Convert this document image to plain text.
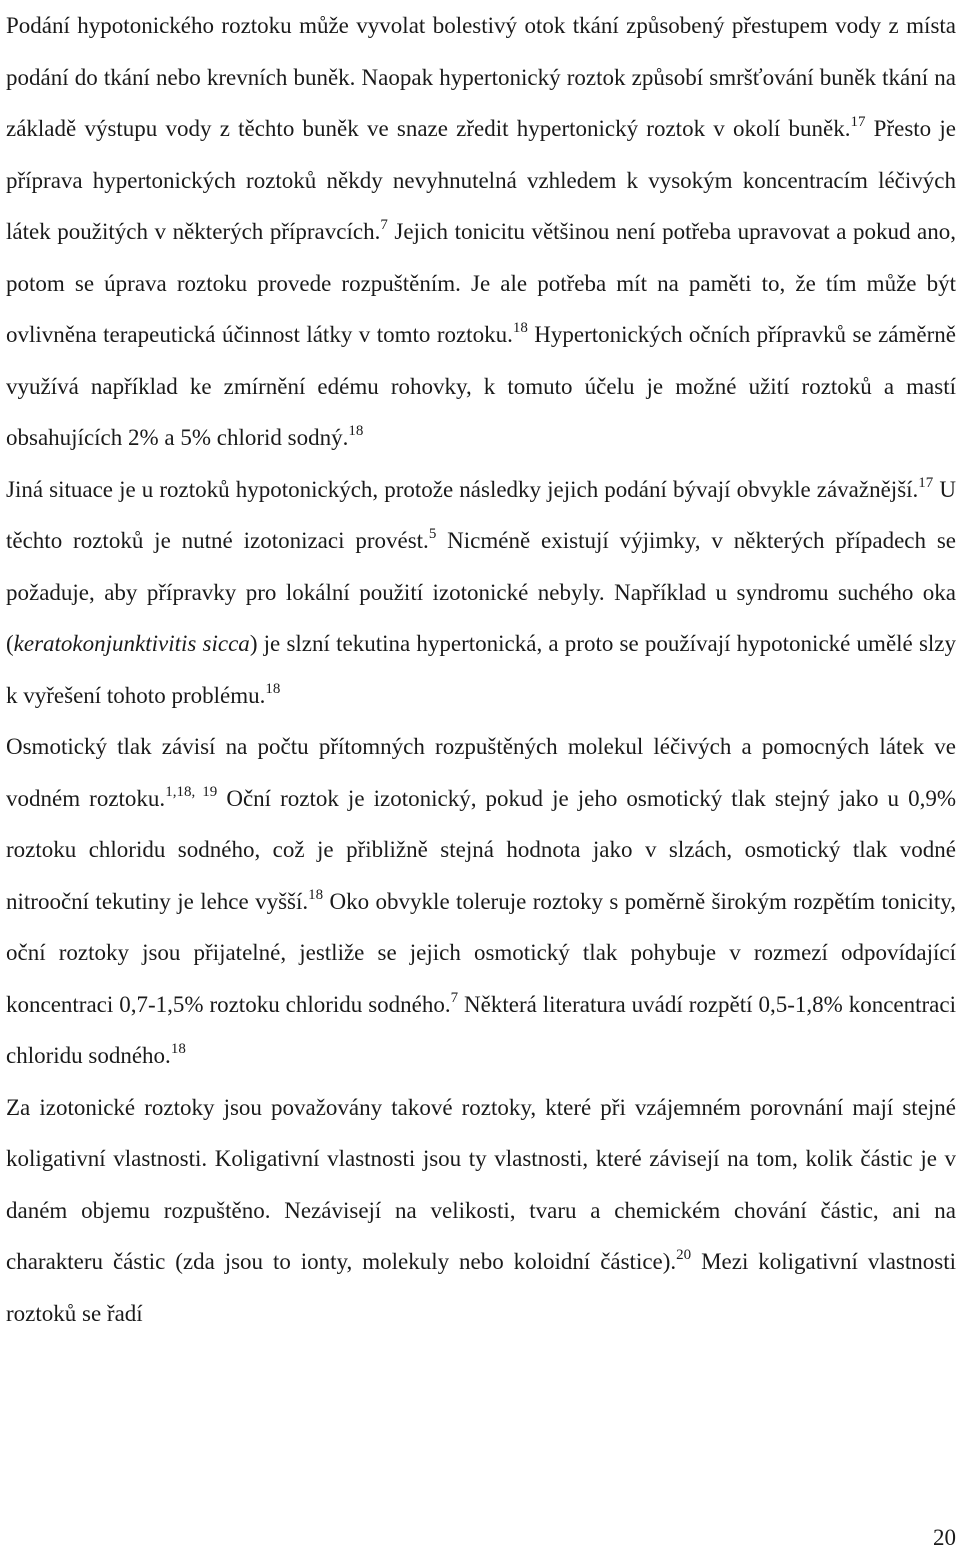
Podání hypotonického roztoku může vyvolat bolestivý otok tkání způsobený přestupem vody z místa podání do tkání nebo krevních buněk. Naopak hypertonický roztok způsobí smršťování buněk tkání na základě výstupu vody z těchto buněk ve snaze zředit hypertonický roztok v okolí buněk.$^{17}$ Přesto je příprava hypertonických roztoků někdy nevyhnutelná vzhledem k vysokým koncentracím léčivých látek použitých v některých přípravcích.$^7$ Jejich tonicitu většinou není potřeba upravovat a pokud ano, potom se úprava roztoku provede rozpuštěním. Je ale potřeba mít na paměti to, že tím může být ovlivněna terapeutická účinnost látky v tomto roztoku.$^{18}$ Hypertonických očních přípravků se záměrně využívá například ke zmírnění edému rohovky, k tomuto účelu je možné užití roztoků a mastí obsahujících 2% a 5% chlorid sodný.$^{18}$

Jiná situace je u roztoků hypotonických, protože následky jejich podání bývají obvykle závažnější.$^{17}$ U těchto roztoků je nutné izotonizaci provést.$^5$ Nicméně existují výjimky, v některých případech se požaduje, aby přípravky pro lokální použití izotonické nebyly. Například u syndromu suchého oka (keratokonjunktivitis sicca) je slzní tekutina hypertonická, a proto se používají hypotonické umělé slzy k vyřešení tohoto problému.$^{18}$

Osmotický tlak závisí na počtu přítomných rozpuštěných molekul léčivých a pomocných látek ve vodném roztoku.$^{1,18, 19}$ Oční roztok je izotonický, pokud je jeho osmotický tlak stejný jako u 0,9% roztoku chloridu sodného, což je přibližně stejná hodnota jako v slzách, osmotický tlak vodné nitrooční tekutiny je lehce vyšší.$^{18}$ Oko obvykle toleruje roztoky s poměrně širokým rozpětím tonicity, oční roztoky jsou přijatelné, jestliže se jejich osmotický tlak pohybuje v rozmezí odpovídající koncentraci 0,7-1,5% roztoku chloridu sodného.$^7$ Některá literatura uvádí rozpětí 0,5-1,8% koncentraci chloridu sodného.$^{18}$

Za izotonické roztoky jsou považovány takové roztoky, které při vzájemném porovnání mají stejné koligativní vlastnosti. Koligativní vlastnosti jsou ty vlastnosti, které závisejí na tom, kolik částic je v daném objemu rozpuštěno. Nezávisejí na velikosti, tvaru a chemickém chování částic, ani na charakteru částic (zda jsou to ionty, molekuly nebo koloidní částice).$^{20}$ Mezi koligativní vlastnosti roztoků se řadí

20
